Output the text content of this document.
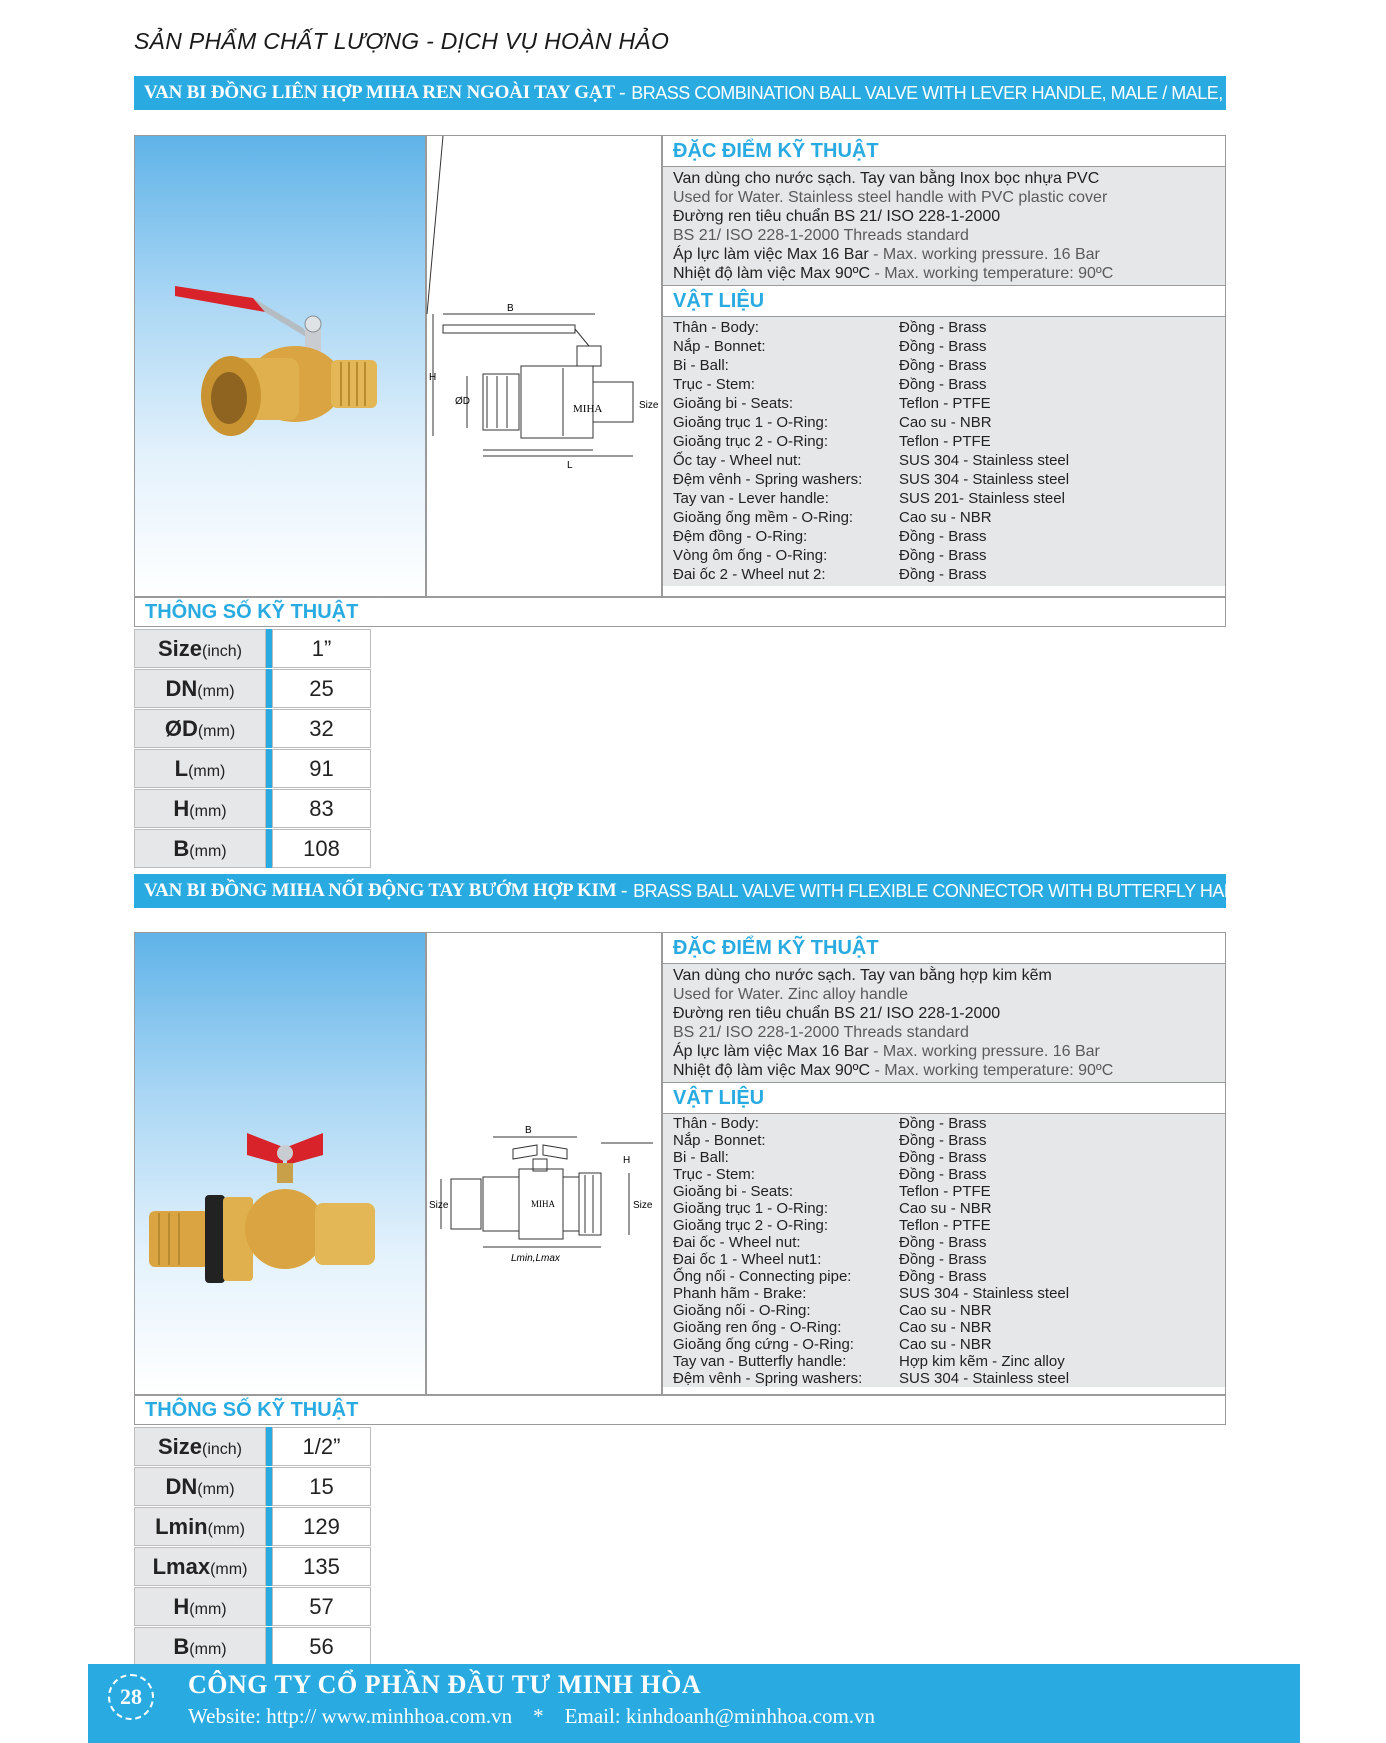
SẢN PHẨM CHẤT LƯỢNG - DỊCH VỤ HOÀN HẢO
VAN BI ĐỒNG LIÊN HỢP MIHA REN NGOÀI TAY GẠT - BRASS COMBINATION BALL VALVE WITH LEVER HANDLE, MALE / MALE, MIHA BRAND
B
H
ØD
L
Size
MIHA
ĐẶC ĐIỂM KỸ THUẬT
Van dùng cho nước sạch. Tay van bằng Inox bọc nhựa PVC
Used for Water. Stainless steel handle with PVC plastic cover
Đường ren tiêu chuẩn BS 21/ ISO 228-1-2000
BS 21/ ISO 228-1-2000 Threads standard
Áp lực làm việc Max 16 Bar - Max. working pressure. 16 Bar
Nhiệt độ làm việc Max 90ºC - Max. working temperature: 90ºC
VẬT LIỆU
Thân - Body:	Đồng - Brass
Nắp - Bonnet:	Đồng - Brass
Bi - Ball:	Đồng - Brass
Trục - Stem:	Đồng - Brass
Gioăng bi - Seats:	Teflon - PTFE
Gioăng trục 1 - O-Ring:	Cao su - NBR
Gioăng trục 2 - O-Ring:	Teflon - PTFE
Ốc tay - Wheel nut:	SUS 304 - Stainless steel
Đệm vênh - Spring washers:	SUS 304 - Stainless steel
Tay van - Lever handle:	SUS 201- Stainless steel
Gioăng ống mềm - O-Ring:	Cao su - NBR
Đệm đồng - O-Ring:	Đồng - Brass
Vòng ôm ống - O-Ring:	Đồng - Brass
Đai ốc 2 - Wheel nut 2:	Đồng - Brass
THÔNG SỐ KỸ THUẬT
Size(inch)	1”
DN(mm)	25
ØD(mm)	32
L(mm)	91
H(mm)	83
B(mm)	108
VAN BI ĐỒNG MIHA NỐI ĐỘNG TAY BƯỚM HỢP KIM - BRASS BALL VALVE WITH FLEXIBLE CONNECTOR WITH BUTTERFLY HANDLE, MIHA BRAND
B
H
Size	Size
Lmin,Lmax
MIHA
ĐẶC ĐIỂM KỸ THUẬT
Van dùng cho nước sạch. Tay van bằng hợp kim kẽm
Used for Water. Zinc alloy handle
Đường ren tiêu chuẩn BS 21/ ISO 228-1-2000
BS 21/ ISO 228-1-2000 Threads standard
Áp lực làm việc Max 16 Bar - Max. working pressure. 16 Bar
Nhiệt độ làm việc Max 90ºC - Max. working temperature: 90ºC
VẬT LIỆU
Thân - Body:	Đồng - Brass
Nắp - Bonnet:	Đồng - Brass
Bi - Ball:	Đồng - Brass
Trục - Stem:	Đồng - Brass
Gioăng bi - Seats:	Teflon - PTFE
Gioăng trục 1 - O-Ring:	Cao su - NBR
Gioăng trục 2 - O-Ring:	Teflon - PTFE
Đai ốc - Wheel nut:	Đồng - Brass
Đai ốc 1 - Wheel nut1:	Đồng - Brass
Ống nối - Connecting pipe:	Đồng - Brass
Phanh hãm - Brake:	SUS 304 - Stainless steel
Gioăng nối - O-Ring:	Cao su - NBR
Gioăng ren ống - O-Ring:	Cao su - NBR
Gioăng ống cứng - O-Ring:	Cao su - NBR
Tay van - Butterfly handle:	Hợp kim kẽm - Zinc alloy
Đệm vênh - Spring washers:	SUS 304 - Stainless steel
THÔNG SỐ KỸ THUẬT
Size(inch)	1/2”
DN(mm)	15
Lmin(mm)	129
Lmax(mm)	135
H(mm)	57
B(mm)	56
28	CÔNG TY CỔ PHẦN ĐẦU TƯ MINH HÒA
Website: http:// www.minhhoa.com.vn    *    Email: kinhdoanh@minhhoa.com.vn
